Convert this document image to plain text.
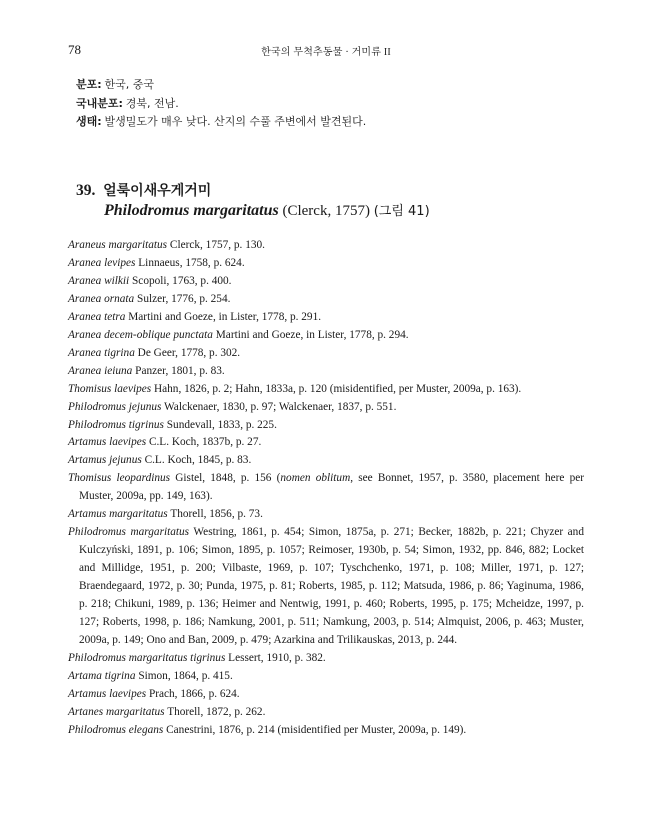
78	한국의 무척추동물 · 거미류 II
분포: 한국, 중국
국내분포: 경북, 전남.
생태: 발생밀도가 매우 낮다. 산지의 수풀 주변에서 발견된다.
39. 얼룩이새우게거미
Philodromus margaritatus (Clerck, 1757) (그림 41)
Araneus margaritatus Clerck, 1757, p. 130.
Aranea levipes Linnaeus, 1758, p. 624.
Aranea wilkii Scopoli, 1763, p. 400.
Aranea ornata Sulzer, 1776, p. 254.
Aranea tetra Martini and Goeze, in Lister, 1778, p. 291.
Aranea decem-oblique punctata Martini and Goeze, in Lister, 1778, p. 294.
Aranea tigrina De Geer, 1778, p. 302.
Aranea ieiuna Panzer, 1801, p. 83.
Thomisus laevipes Hahn, 1826, p. 2; Hahn, 1833a, p. 120 (misidentified, per Muster, 2009a, p. 163).
Philodromus jejunus Walckenaer, 1830, p. 97; Walckenaer, 1837, p. 551.
Philodromus tigrinus Sundevall, 1833, p. 225.
Artamus laevipes C.L. Koch, 1837b, p. 27.
Artamus jejunus C.L. Koch, 1845, p. 83.
Thomisus leopardinus Gistel, 1848, p. 156 (nomen oblitum, see Bonnet, 1957, p. 3580, placement here per Muster, 2009a, pp. 149, 163).
Artamus margaritatus Thorell, 1856, p. 73.
Philodromus margaritatus Westring, 1861, p. 454; Simon, 1875a, p. 271; Becker, 1882b, p. 221; Chyzer and Kulczyński, 1891, p. 106; Simon, 1895, p. 1057; Reimoser, 1930b, p. 54; Simon, 1932, pp. 846, 882; Locket and Millidge, 1951, p. 200; Vilbaste, 1969, p. 107; Tyschchenko, 1971, p. 108; Miller, 1971, p. 127; Braendegaard, 1972, p. 30; Punda, 1975, p. 81; Roberts, 1985, p. 112; Matsuda, 1986, p. 86; Yaginuma, 1986, p. 218; Chikuni, 1989, p. 136; Heimer and Nentwig, 1991, p. 460; Roberts, 1995, p. 175; Mcheidze, 1997, p. 127; Roberts, 1998, p. 186; Namkung, 2001, p. 511; Namkung, 2003, p. 514; Almquist, 2006, p. 463; Muster, 2009a, p. 149; Ono and Ban, 2009, p. 479; Azarkina and Trilikauskas, 2013, p. 244.
Philodromus margaritatus tigrinus Lessert, 1910, p. 382.
Artama tigrina Simon, 1864, p. 415.
Artamus laevipes Prach, 1866, p. 624.
Artanes margaritatus Thorell, 1872, p. 262.
Philodromus elegans Canestrini, 1876, p. 214 (misidentified per Muster, 2009a, p. 149).
